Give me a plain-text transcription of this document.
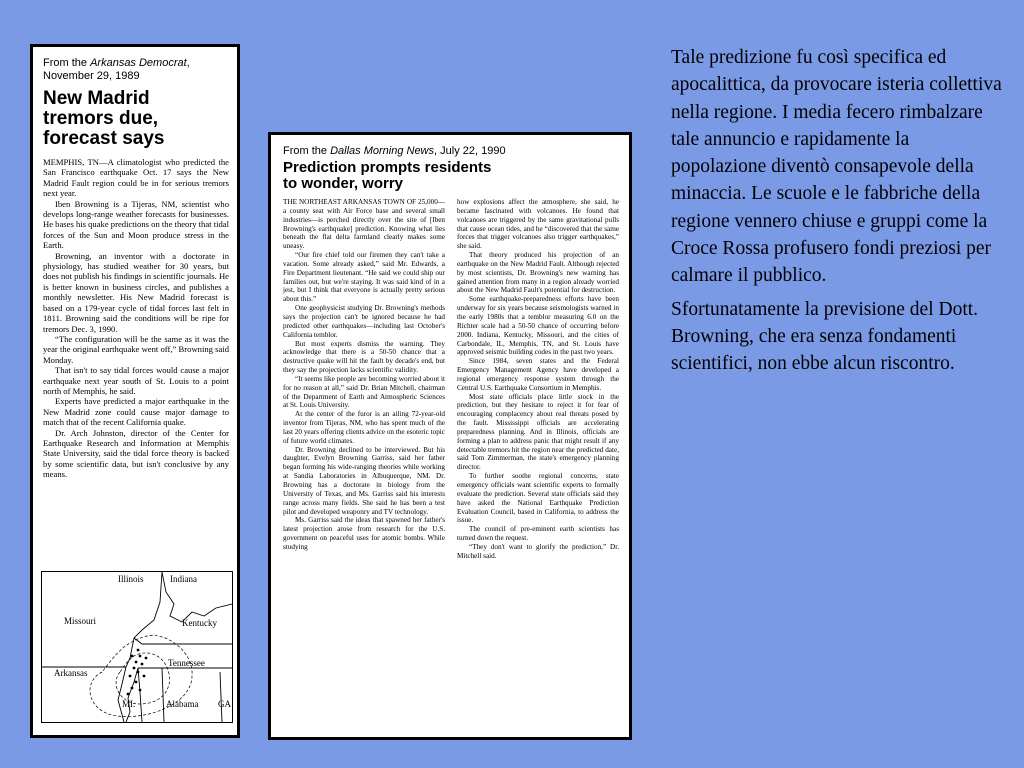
From the Arkansas Democrat,
November 29, 1989
New Madrid
tremors due,
forecast says

MEMPHIS, TN—A climatologist who predicted the San Francisco earthquake Oct. 17 says the New Madrid Fault region could be in for serious tremors next year.

Iben Browning is a Tijeras, NM, scientist who develops long-range weather forecasts for businesses. He bases his quake predictions on the theory that tidal forces of the Sun and Moon produce stress in the Earth.

Browning, an inventor with a doctorate in physiology, has studied weather for 30 years, but does not publish his findings in scientific journals. He is better known in business circles, and publishes a monthly newsletter. His New Madrid forecast is based on a 179-year cycle of tidal forces last felt in 1811. Browning said the conditions will be ripe for tremors Dec. 3, 1990.

“The configuration will be the same as it was the year the original earthquake went off,” Browning said Monday.

That isn't to say tidal forces would cause a major earthquake next year south of St. Louis to a point north of Memphis, he said.

Experts have predicted a major earthquake in the New Madrid zone could cause major damage to match that of the recent California quake.

Dr. Arch Johnston, director of the Center for Earthquake Research and Information at Memphis State University, said the tidal force theory is backed by some scientific data, but isn't conclusive by any means.

Illinois	Indiana
Missouri	Kentucky
Arkansas
Tennessee
MI.	Alabama GA
From the Dallas Morning News, July 22, 1990
Prediction prompts residents
to wonder, worry

THE NORTHEAST ARKANSAS TOWN OF 25,000—a county seat with Air Force base and several small industries—is perched directly over the site of [Iben Browning's earthquake] prediction. Knowing what lies beneath the flat delta farmland clearly makes some uneasy.

“Our fire chief told our firemen they can't take a vacation. Some already asked,” said Mr. Edwards, a Fire Department lieutenant. “He said we could ship our families out, but we're staying. It was said kind of in a jest, but I think that everyone is actually pretty serious about this.”

One geophysicist studying Dr. Browning's methods says the projection can't be ignored because he had predicted other earthquakes—including last October's California temblor.

But most experts dismiss the warning. They acknowledge that there is a 50-50 chance that a destructive quake will hit the fault by decade's end, but they say the projection lacks scientific validity.

“It seems like people are becoming worried about it for no reason at all,” said Dr. Brian Mitchell, chairman of the Department of Earth and Atmospheric Sciences at St. Louis University.

At the center of the furor is an ailing 72-year-old inventor from Tijeras, NM, who has spent much of the last 20 years offering clients advice on the esoteric topic of future world climates.

Dr. Browning declined to be interviewed. But his daughter, Evelyn Browning Garriss, said her father began forming his wide-ranging theories while working at Sandia Laboratories in Albuquerque, NM. Dr. Browning has a doctorate in biology from the University of Texas, and Ms. Garriss said his interests range across many fields. She said he has been a test pilot and developed weaponry and TV technology.

Ms. Garriss said the ideas that spawned her father's latest projection arose from research for the U.S. government on peaceful uses for atomic bombs. While studying

how explosions affect the atmosphere, she said, he became fascinated with volcanoes. He found that volcanoes are triggered by the same gravitational pulls that cause ocean tides, and he “discovered that the same forces that trigger volcanoes also trigger earthquakes,” she said.

That theory produced his projection of an earthquake on the New Madrid Fault. Although rejected by most scientists, Dr. Browning's new warning has gained attention from many in a region already worried about the New Madrid Fault's potential for destruction.

Some earthquake-preparedness efforts have been underway for six years because seismologists warned in the early 1980s that a temblor measuring 6.0 on the Richter scale had a 50-50 chance of occurring before 2000. Indiana, Kentucky, Missouri, and the cities of Carbondale, IL, Memphis, TN, and St. Louis have approved seismic building codes in the past two years.

Since 1984, seven states and the Federal Emergency Management Agency have developed a regional emergency response system through the Central U.S. Earthquake Consortium in Memphis.

Most state officials place little stock in the prediction, but they hesitate to reject it for fear of encouraging complacency about real threats posed by the fault. Mississippi officials are accelerating preparedness planning. And in Illinois, officials are forming a plan to address panic that might result if any detectable tremors hit the region near the predicted date, said Tom Zimmerman, the state's emergency planning director.

To further soothe regional concerns, state emergency officials want scientific experts to formally evaluate the prediction. Several state officials said they have asked the National Earthquake Prediction Evaluation Council, based in California, to address the issue.

The council of pre-eminent earth scientists has turned down the request.

“They don't want to glorify the prediction,” Dr. Mitchell said.

Tale predizione fu così specifica ed apocalittica, da provocare isteria collettiva nella regione. I media fecero rimbalzare tale annuncio e rapidamente la popolazione diventò consapevole della minaccia. Le scuole e le fabbriche della regione vennero chiuse e gruppi come la Croce Rossa profusero fondi preziosi per calmare il pubblico.

Sfortunatamente la previsione del Dott. Browning, che era senza fondamenti scientifici, non ebbe alcun riscontro.
